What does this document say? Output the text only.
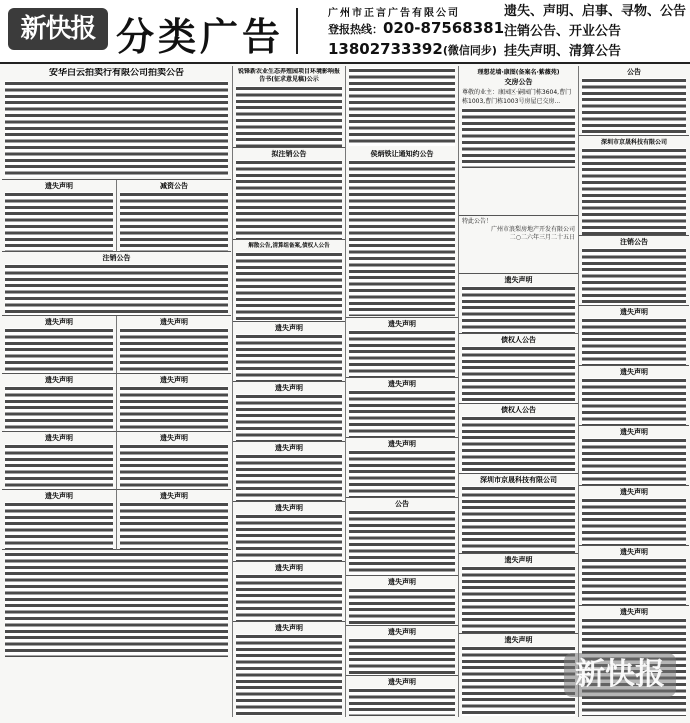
新快报 分类广告
广州市正言广告有限公司
登报热线：020-87568381
13802733392(微信同步)
遗失、声明、启事、寻物、公告
注销公告、开业公告
挂失声明、清算公告
安华白云拍卖行有限公司拍卖公告
遗失声明	减资公告
注销公告
遗失声明	遗失声明
遗失声明	遗失声明
遗失声明	遗失声明
遗失声明	遗失声明
锐锋新农业生态养殖园项目环境影响报告书(征求意见稿)公示
拟注销公告
解散公告,清算组备案,债权人公告
遗失声明
遗失声明
遗失声明
遗失声明
遗失声明
遗失声明
侯炳铁让通知约公告
遗失声明
遗失声明
遗失声明
公告
遗失声明
遗失声明
遗失声明
理想花墙·康图(备案名·紫薇苑)
交房公告
尊敬的业主：康园区·嗣园门栋3604,曹门栋1003,曹门栋1003号房屋已交房...
特此公告！
广州市浪梨房地产开发有限公司
二○二六年三月二十五日
遗失声明
债权人公告
债权人公告
深圳市京晟科技有限公司
遗失声明
遗失声明
公告
深圳市京晟科技有限公司
注销公告
遗失声明
遗失声明
遗失声明
遗失声明
遗失声明
遗失声明
新快报
